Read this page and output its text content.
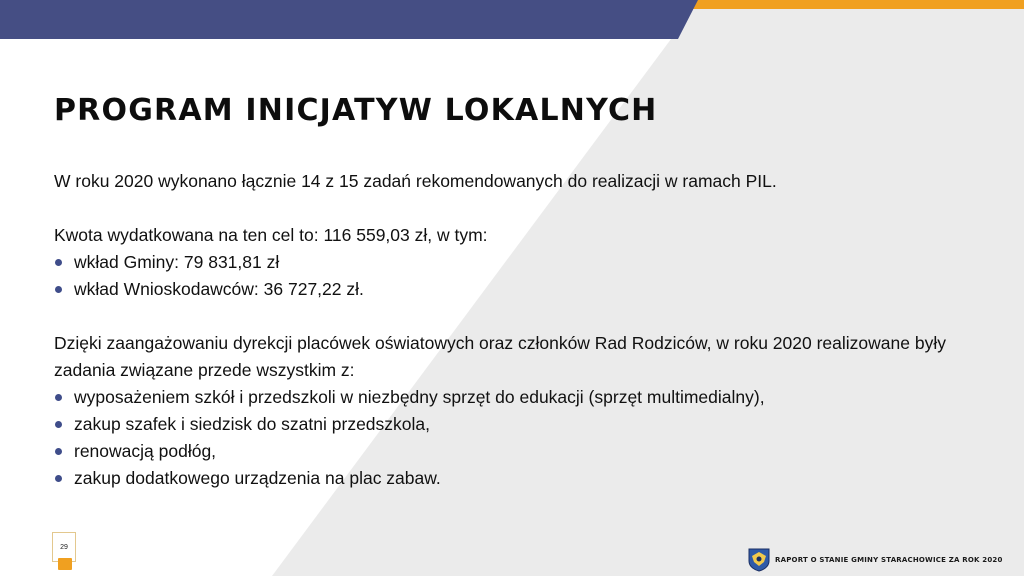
PROGRAM INICJATYW LOKALNYCH

W roku 2020 wykonano łącznie 14 z 15 zadań rekomendowanych do realizacji w ramach PIL.

Kwota wydatkowana na ten cel to: 116 559,03 zł, w tym:

wkład Gminy: 79 831,81 zł
wkład Wnioskodawców: 36 727,22 zł.

Dzięki zaangażowaniu dyrekcji placówek oświatowych oraz członków Rad Rodziców, w roku 2020 realizowane były zadania związane przede wszystkim z:

wyposażeniem szkół i przedszkoli w niezbędny sprzęt do edukacji (sprzęt multimedialny),
zakup szafek i siedzisk do szatni przedszkola,
renowacją podłóg,
zakup dodatkowego urządzenia na plac zabaw.
29
RAPORT O STANIE GMINY STARACHOWICE ZA ROK 2020
